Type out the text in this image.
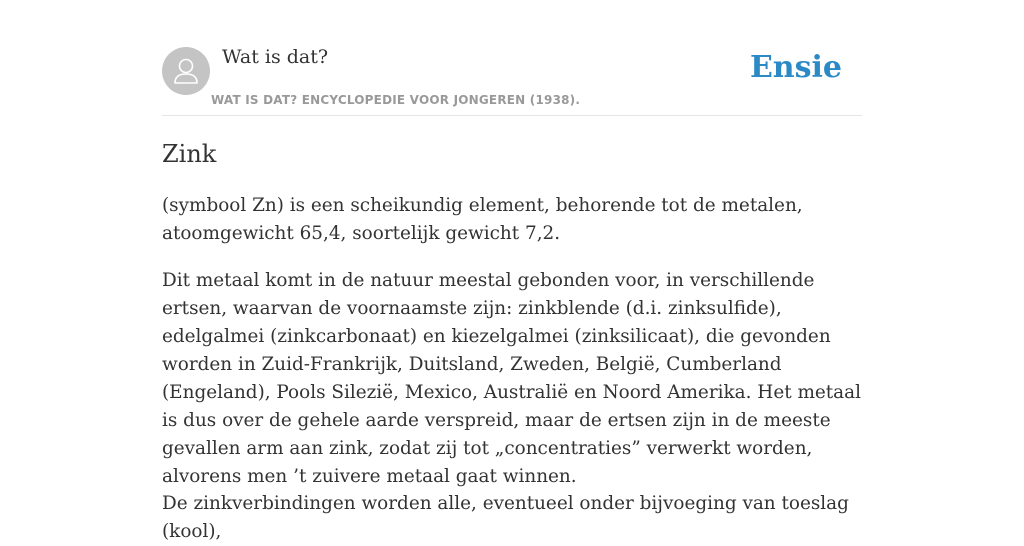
Wat is dat?
WAT IS DAT? ENCYCLOPEDIE VOOR JONGEREN (1938).
Ensie
Zink

(symbool Zn) is een scheikundig element, behorende tot de metalen, atoomgewicht 65,4, soortelijk gewicht 7,2.

Dit metaal komt in de natuur meestal gebonden voor, in verschillende ertsen, waarvan de voornaamste zijn: zinkblende (d.i. zinksulfide), edelgalmei (zinkcarbonaat) en kiezelgalmei (zinksilicaat), die gevonden worden in Zuid-Frankrijk, Duitsland, Zweden, België, Cumberland (Engeland), Pools Silezië, Mexico, Australië en Noord Amerika. Het metaal is dus over de gehele aarde verspreid, maar de ertsen zijn in de meeste gevallen arm aan zink, zodat zij tot „concentraties” verwerkt worden, alvorens men ’t zuivere metaal gaat winnen.

De zinkverbindingen worden alle, eventueel onder bijvoeging van toeslag (kool),
